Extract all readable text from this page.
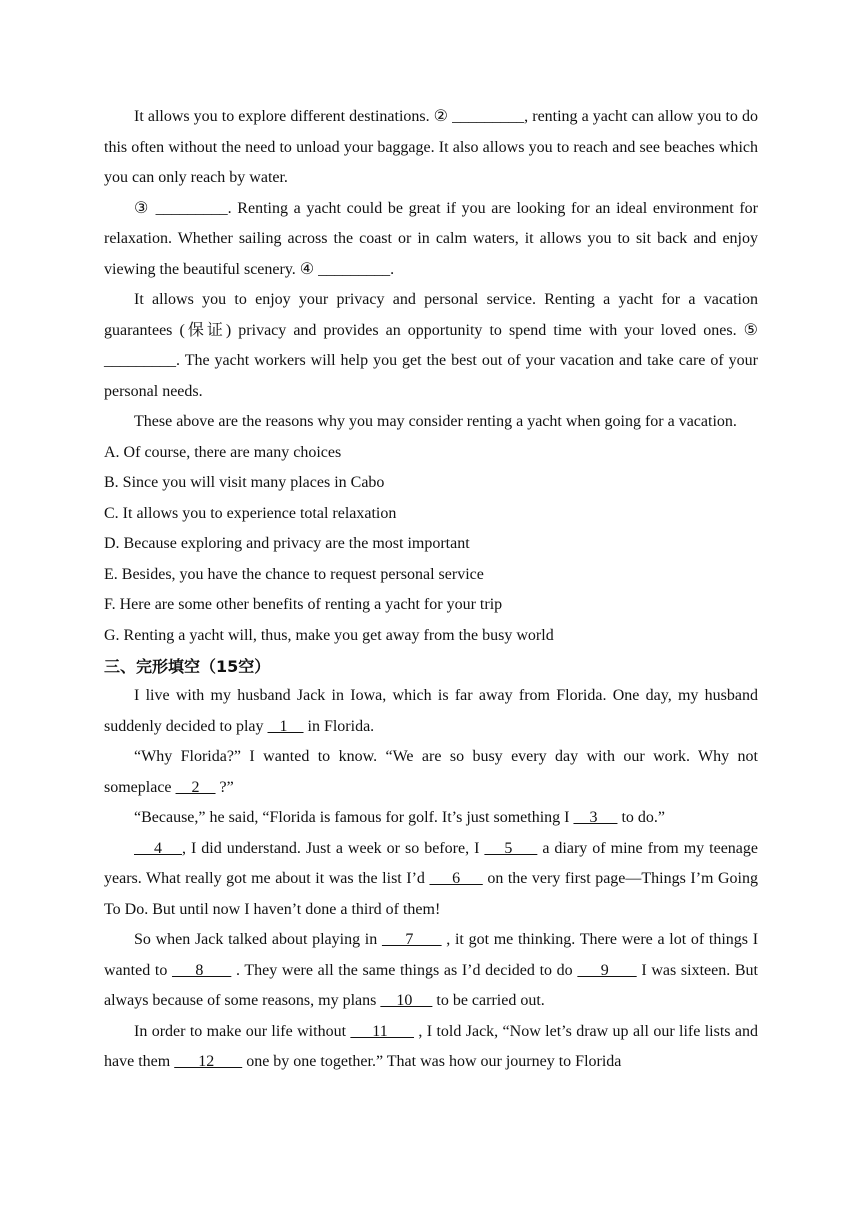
It allows you to explore different destinations. ② _________, renting a yacht can allow you to do this often without the need to unload your baggage. It also allows you to reach and see beaches which you can only reach by water.

③ _________. Renting a yacht could be great if you are looking for an ideal environment for relaxation. Whether sailing across the coast or in calm waters, it allows you to sit back and enjoy viewing the beautiful scenery. ④ _________.

It allows you to enjoy your privacy and personal service. Renting a yacht for a vacation guarantees (保证) privacy and provides an opportunity to spend time with your loved ones. ⑤ _________. The yacht workers will help you get the best out of your vacation and take care of your personal needs.

These above are the reasons why you may consider renting a yacht when going for a vacation.

A. Of course, there are many choices

B. Since you will visit many places in Cabo

C. It allows you to experience total relaxation

D. Because exploring and privacy are the most important

E. Besides, you have the chance to request personal service

F. Here are some other benefits of renting a yacht for your trip

G. Renting a yacht will, thus, make you get away from the busy world

三、完形填空（15空）

I live with my husband Jack in Iowa, which is far away from Florida. One day, my husband suddenly decided to play    1     in Florida.

“Why Florida?” I wanted to know. “We are so busy every day with our work. Why not someplace     2     ?”

“Because,” he said, “Florida is famous for golf. It’s just something I     3      to do.”

4    , I did understand. Just a week or so before, I     5      a diary of mine from my teenage years. What really got me about it was the list I’d      6      on the very first page—Things I’m Going To Do. But until now I haven’t done a third of them!

So when Jack talked about playing in      7       , it got me thinking. There were a lot of things I wanted to      8       . They were all the same things as I’d decided to do      9       I was sixteen. But always because of some reasons, my plans     10      to be carried out.

In order to make our life without      11       , I told Jack, “Now let’s draw up all our life lists and have them       12        one by one together.” That was how our journey to Florida
